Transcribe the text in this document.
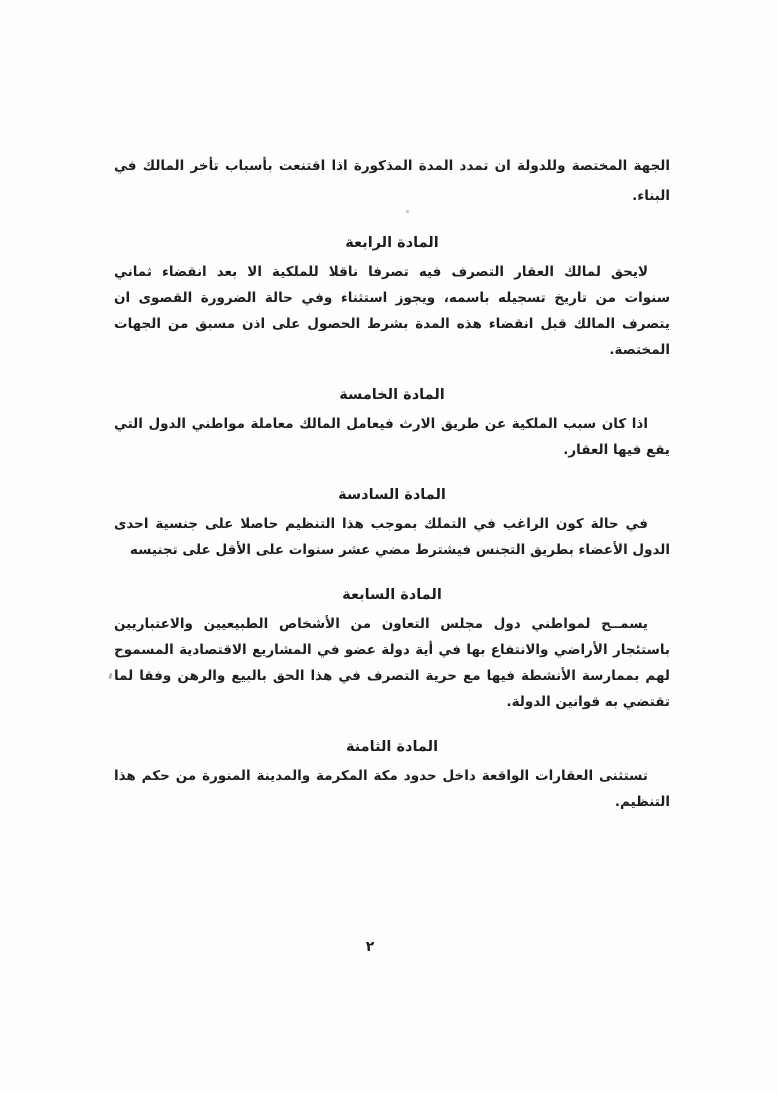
الجهة المختصة وللدولة ان تمدد المدة المذكورة اذا اقتنعت بأسباب تأخر المالك في
البناء.

المادة الرابعة

لايحق لمالك العقار التصرف فيه تصرفا ناقلا للملكية الا بعد انقضاء ثماني
سنوات من تاريخ تسجيله باسمه، ويجوز استثناء وفي حالة الضرورة القصوى ان
يتصرف المالك قبل انقضاء هذه المدة بشرط الحصول على اذن مسبق من الجهات
المختصة.

المادة الخامسة

اذا كان سبب الملكية عن طريق الارث فيعامل المالك معاملة مواطني الدول التي
يقع فيها العقار.

المادة السادسة

في حالة كون الراغب في التملك بموجب هذا التنظيم حاصلا على جنسية احدى
الدول الأعضاء بطريق التجنس فيشترط مضي عشر سنوات على الأقل على تجنيسه

المادة السابعة

يسمــح لمواطني دول مجلس التعاون من الأشخاص الطبيعيين والاعتباريين
باستئجار الأراضي والانتفاع بها في أية دولة عضو في المشاريع الاقتصادية المسموح
لهم بممارسة الأنشطة فيها مع حرية التصرف في هذا الحق بالبيع والرهن وفقا لما
تقتضي به قوانين الدولة.

المادة الثامنة

تستثنى العقارات الواقعة داخل حدود مكة المكرمة والمدينة المنورة من حكم هذا
التنظيم.

٢
